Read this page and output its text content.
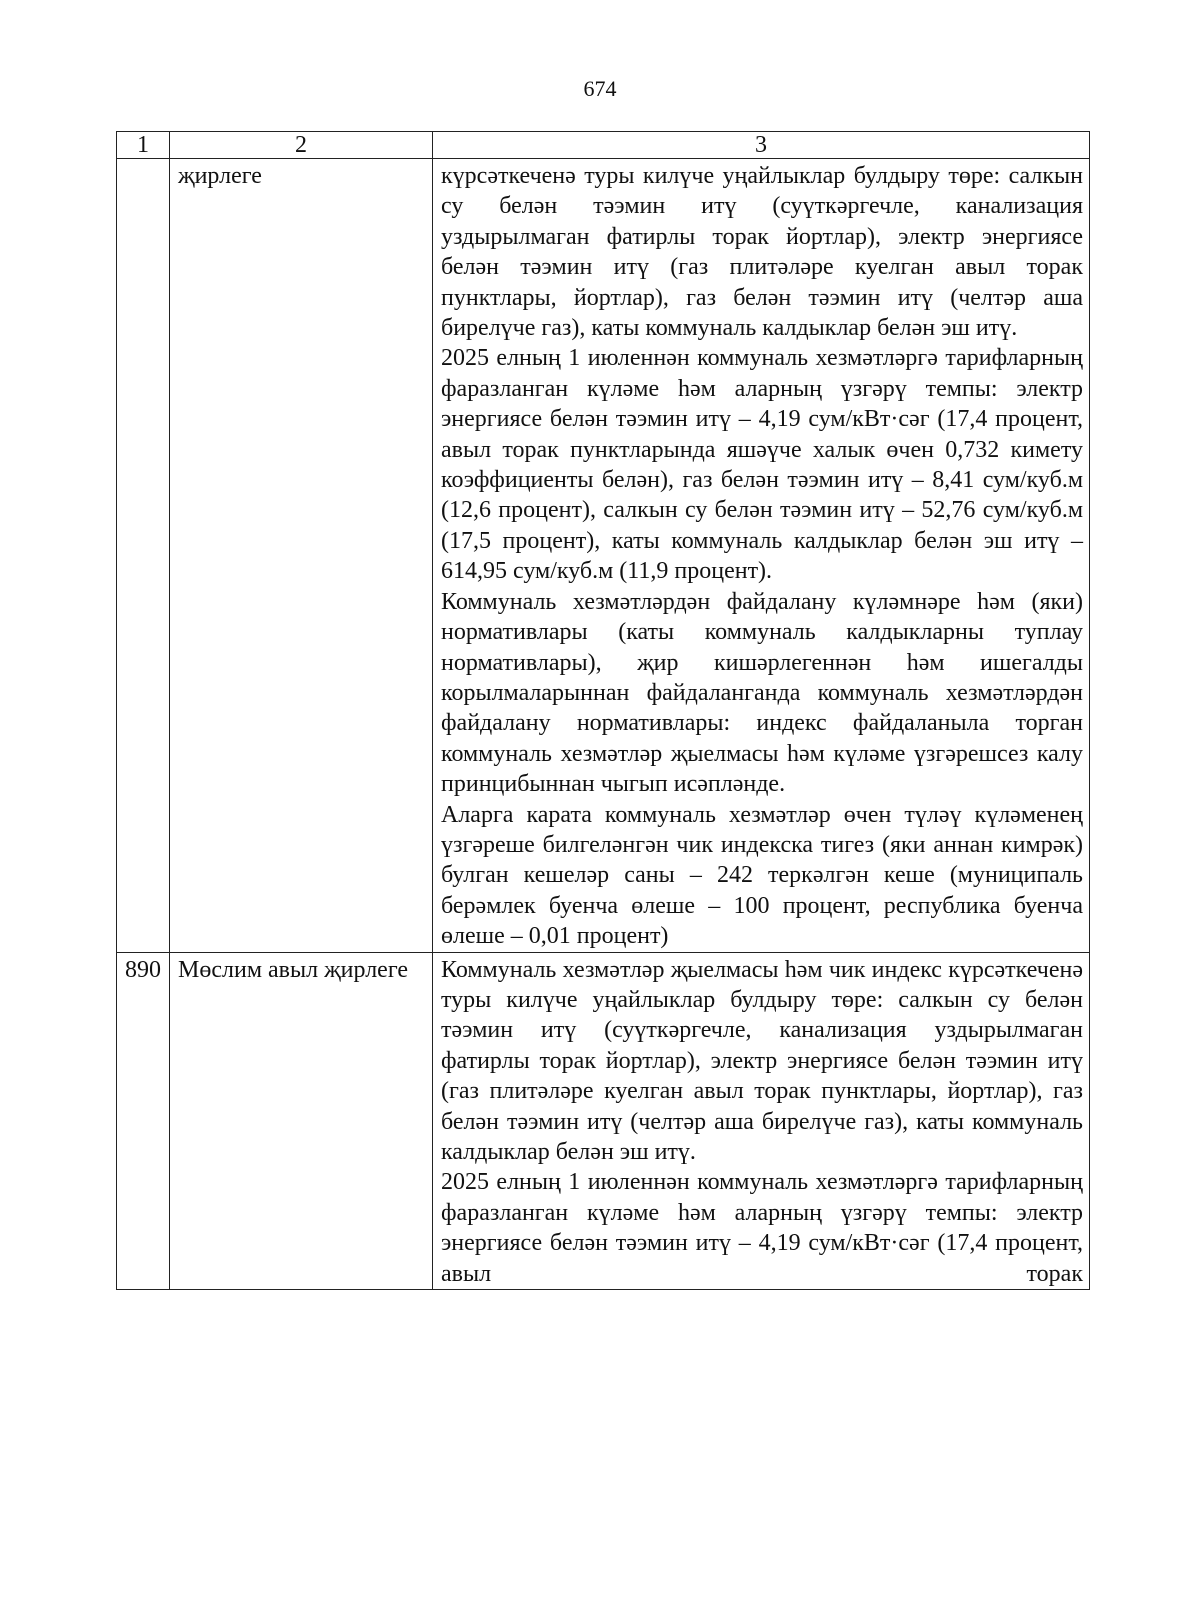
674
1	2	3
	җирлеге	күрсәткеченә туры килүче уңайлыклар булдыру төре: салкын су белән тәэмин итү (суүткәргечле, канализация уздырылмаган фатирлы торак йортлар), электр энергиясе белән тәэмин итү (газ плитәләре куелган авыл торак пунктлары, йортлар), газ белән тәэмин итү (челтәр аша бирелүче газ), каты коммуналь калдыклар белән эш итү.

2025 елның 1 июленнән коммуналь хезмәтләргә тарифларның фаразланган күләме һәм аларның үзгәрү темпы: электр энергиясе белән тәэмин итү – 4,19 сум/кВт·сәг (17,4 процент, авыл торак пунктларында яшәүче халык өчен 0,732 кимету коэффициенты белән), газ белән тәэмин итү – 8,41 сум/куб.м (12,6 процент), салкын су белән тәэмин итү – 52,76 сум/куб.м (17,5 процент), каты коммуналь калдыклар белән эш итү – 614,95 сум/куб.м (11,9 процент).

Коммуналь хезмәтләрдән файдалану күләмнәре һәм (яки) нормативлары (каты коммуналь калдыкларны туплау нормативлары), җир кишәрлегеннән һәм ишегалды корылмаларыннан файдаланганда коммуналь хезмәтләрдән файдалану нормативлары: индекс файдаланыла торган коммуналь хезмәтләр җыелмасы һәм күләме үзгәрешсез калу принцибыннан чыгып исәпләнде.

Аларга карата коммуналь хезмәтләр өчен түләү күләменең үзгәреше билгеләнгән чик индекска тигез (яки аннан кимрәк) булган кешеләр саны – 242 теркәлгән кеше (муниципаль берәмлек буенча өлеше – 100 процент, республика буенча өлеше – 0,01 процент)

890	Мөслим авыл җирлеге	Коммуналь хезмәтләр җыелмасы һәм чик индекс күрсәткеченә туры килүче уңайлыклар булдыру төре: салкын су белән тәэмин итү (суүткәргечле, канализация уздырылмаган фатирлы торак йортлар), электр энергиясе белән тәэмин итү (газ плитәләре куелган авыл торак пунктлары, йортлар), газ белән тәэмин итү (челтәр аша бирелүче газ), каты коммуналь калдыклар белән эш итү.

2025 елның 1 июленнән коммуналь хезмәтләргә тарифларның фаразланган күләме һәм аларның үзгәрү темпы: электр энергиясе белән тәэмин итү – 4,19 сум/кВт·сәг (17,4 процент, авыл торак
